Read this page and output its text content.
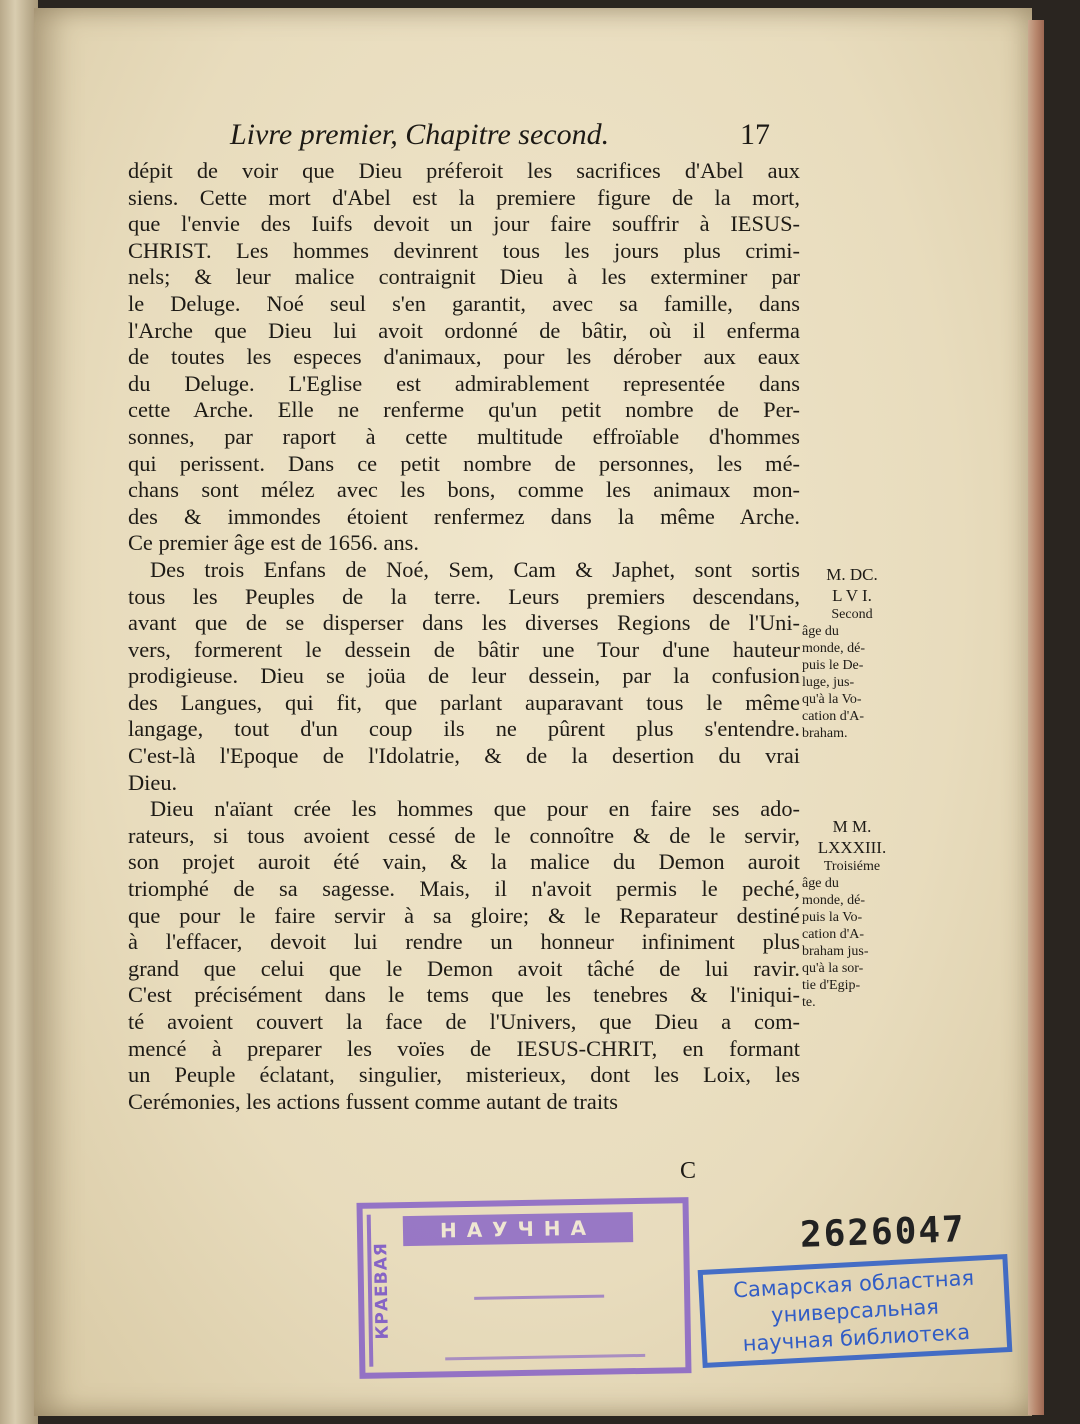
Livre premier, Chapitre second.	17
dépit de voir que Dieu préferoit les sacrifices d'Abel aux
siens. Cette mort d'Abel est la premiere figure de la mort,
que l'envie des Iuifs devoit un jour faire souffrir à IESUS-
CHRIST. Les hommes devinrent tous les jours plus crimi-
nels; & leur malice contraignit Dieu à les exterminer par
le Deluge. Noé seul s'en garantit, avec sa famille, dans
l'Arche que Dieu lui avoit ordonné de bâtir, où il enferma
de toutes les especes d'animaux, pour les dérober aux eaux
du Deluge. L'Eglise est admirablement representée dans
cette Arche. Elle ne renferme qu'un petit nombre de Per-
sonnes, par raport à cette multitude effroïable d'hommes
qui perissent. Dans ce petit nombre de personnes, les mé-
chans sont mélez avec les bons, comme les animaux mon-
des & immondes étoient renfermez dans la même Arche.
Ce premier âge est de 1656. ans.
Des trois Enfans de Noé, Sem, Cam & Japhet, sont sortis
tous les Peuples de la terre. Leurs premiers descendans,
avant que de se disperser dans les diverses Regions de l'Uni-
vers, formerent le dessein de bâtir une Tour d'une hauteur
prodigieuse. Dieu se joüa de leur dessein, par la confusion
des Langues, qui fit, que parlant auparavant tous le même
langage, tout d'un coup ils ne pûrent plus s'entendre.
C'est-là l'Epoque de l'Idolatrie, & de la desertion du vrai
Dieu.
Dieu n'aïant crée les hommes que pour en faire ses ado-
rateurs, si tous avoient cessé de le connoître & de le servir,
son projet auroit été vain, & la malice du Demon auroit
triomphé de sa sagesse. Mais, il n'avoit permis le peché,
que pour le faire servir à sa gloire; & le Reparateur destiné
à l'effacer, devoit lui rendre un honneur infiniment plus
grand que celui que le Demon avoit tâché de lui ravir.
C'est précisément dans le tems que les tenebres & l'iniqui-
té avoient couvert la face de l'Univers, que Dieu a com-
mencé à preparer les voïes de IESUS-CHRIT, en formant
un Peuple éclatant, singulier, misterieux, dont les Loix, les
Cerémonies, les actions fussent comme autant de traits
M. DC.
L V I.
Second
âge du
monde, dé-
puis le De-
luge, jus-
qu'à la Vo-
cation d'A-
braham.
M M.
LXXXIII.
Troisiéme
âge du
monde, dé-
puis la Vo-
cation d'A-
braham jus-
qu'à la sor-
tie d'Egip-
te.
C
КРАЕВАЯ
НАУЧНА	2626047
Самарская областная
универсальная
научная библиотека
